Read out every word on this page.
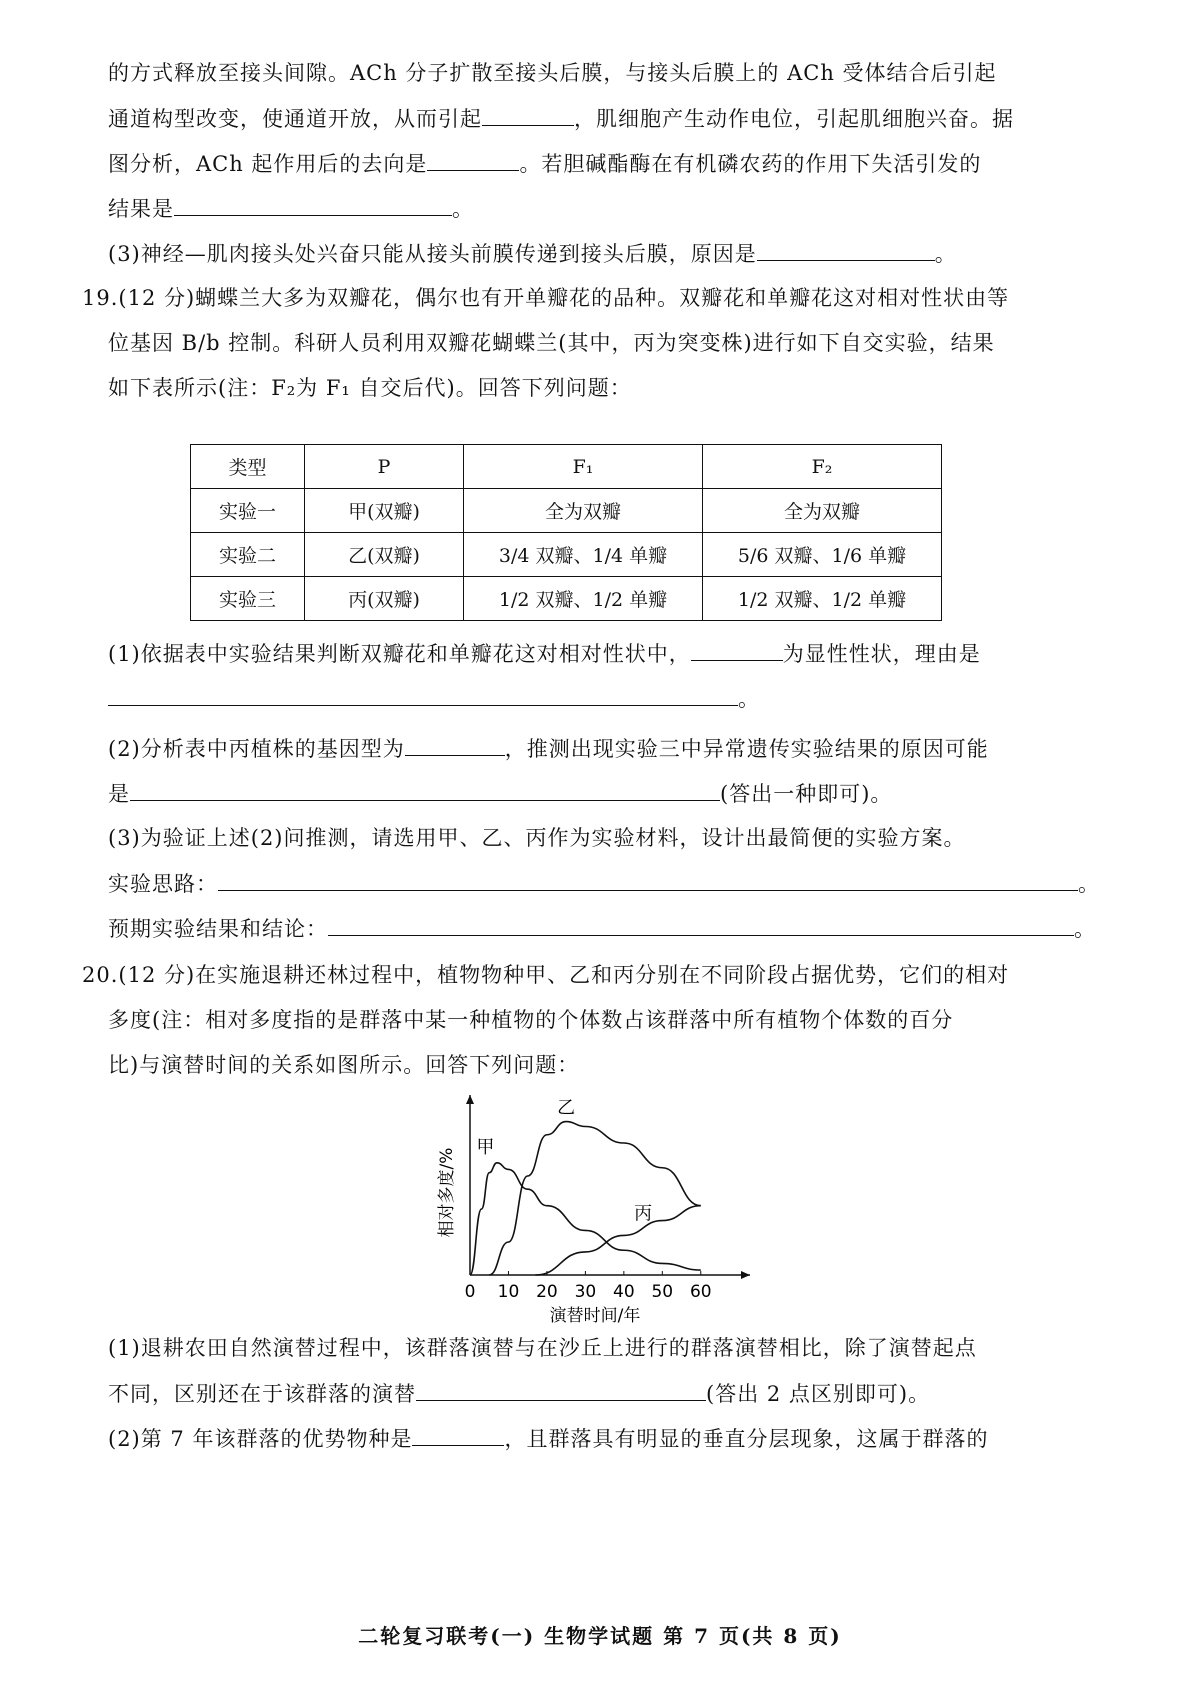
的方式释放至接头间隙。ACh 分子扩散至接头后膜，与接头后膜上的 ACh 受体结合后引起
通道构型改变，使通道开放，从而引起	，肌细胞产生动作电位，引起肌细胞兴奋。据
图分析，ACh 起作用后的去向是	。若胆碱酯酶在有机磷农药的作用下失活引发的
结果是	。
(3)神经—肌肉接头处兴奋只能从接头前膜传递到接头后膜，原因是	。
19.(12 分)蝴蝶兰大多为双瓣花，偶尔也有开单瓣花的品种。双瓣花和单瓣花这对相对性状由等
位基因 B/b 控制。科研人员利用双瓣花蝴蝶兰(其中，丙为突变株)进行如下自交实验，结果
如下表所示(注：F₂为 F₁ 自交后代)。回答下列问题：
类型	P	F₁	F₂
实验一	甲(双瓣)	全为双瓣	全为双瓣
实验二	乙(双瓣)	3/4 双瓣、1/4 单瓣	5/6 双瓣、1/6 单瓣
实验三	丙(双瓣)	1/2 双瓣、1/2 单瓣	1/2 双瓣、1/2 单瓣
(1)依据表中实验结果判断双瓣花和单瓣花这对相对性状中，	为显性性状，理由是
。
(2)分析表中丙植株的基因型为	，推测出现实验三中异常遗传实验结果的原因可能
是	(答出一种即可)。
(3)为验证上述(2)问推测，请选用甲、乙、丙作为实验材料，设计出最简便的实验方案。
实验思路：	。
预期实验结果和结论：	。
20.(12 分)在实施退耕还林过程中，植物物种甲、乙和丙分别在不同阶段占据优势，它们的相对
多度(注：相对多度指的是群落中某一种植物的个体数占该群落中所有植物个体数的百分
比)与演替时间的关系如图所示。回答下列问题：
0 10 20 30 40 50 60
演替时间/年
相对多度/%
甲
乙
丙
(1)退耕农田自然演替过程中，该群落演替与在沙丘上进行的群落演替相比，除了演替起点
不同，区别还在于该群落的演替	(答出 2 点区别即可)。
(2)第 7 年该群落的优势物种是	，且群落具有明显的垂直分层现象，这属于群落的
二轮复习联考(一) 生物学试题 第 7 页(共 8 页)
